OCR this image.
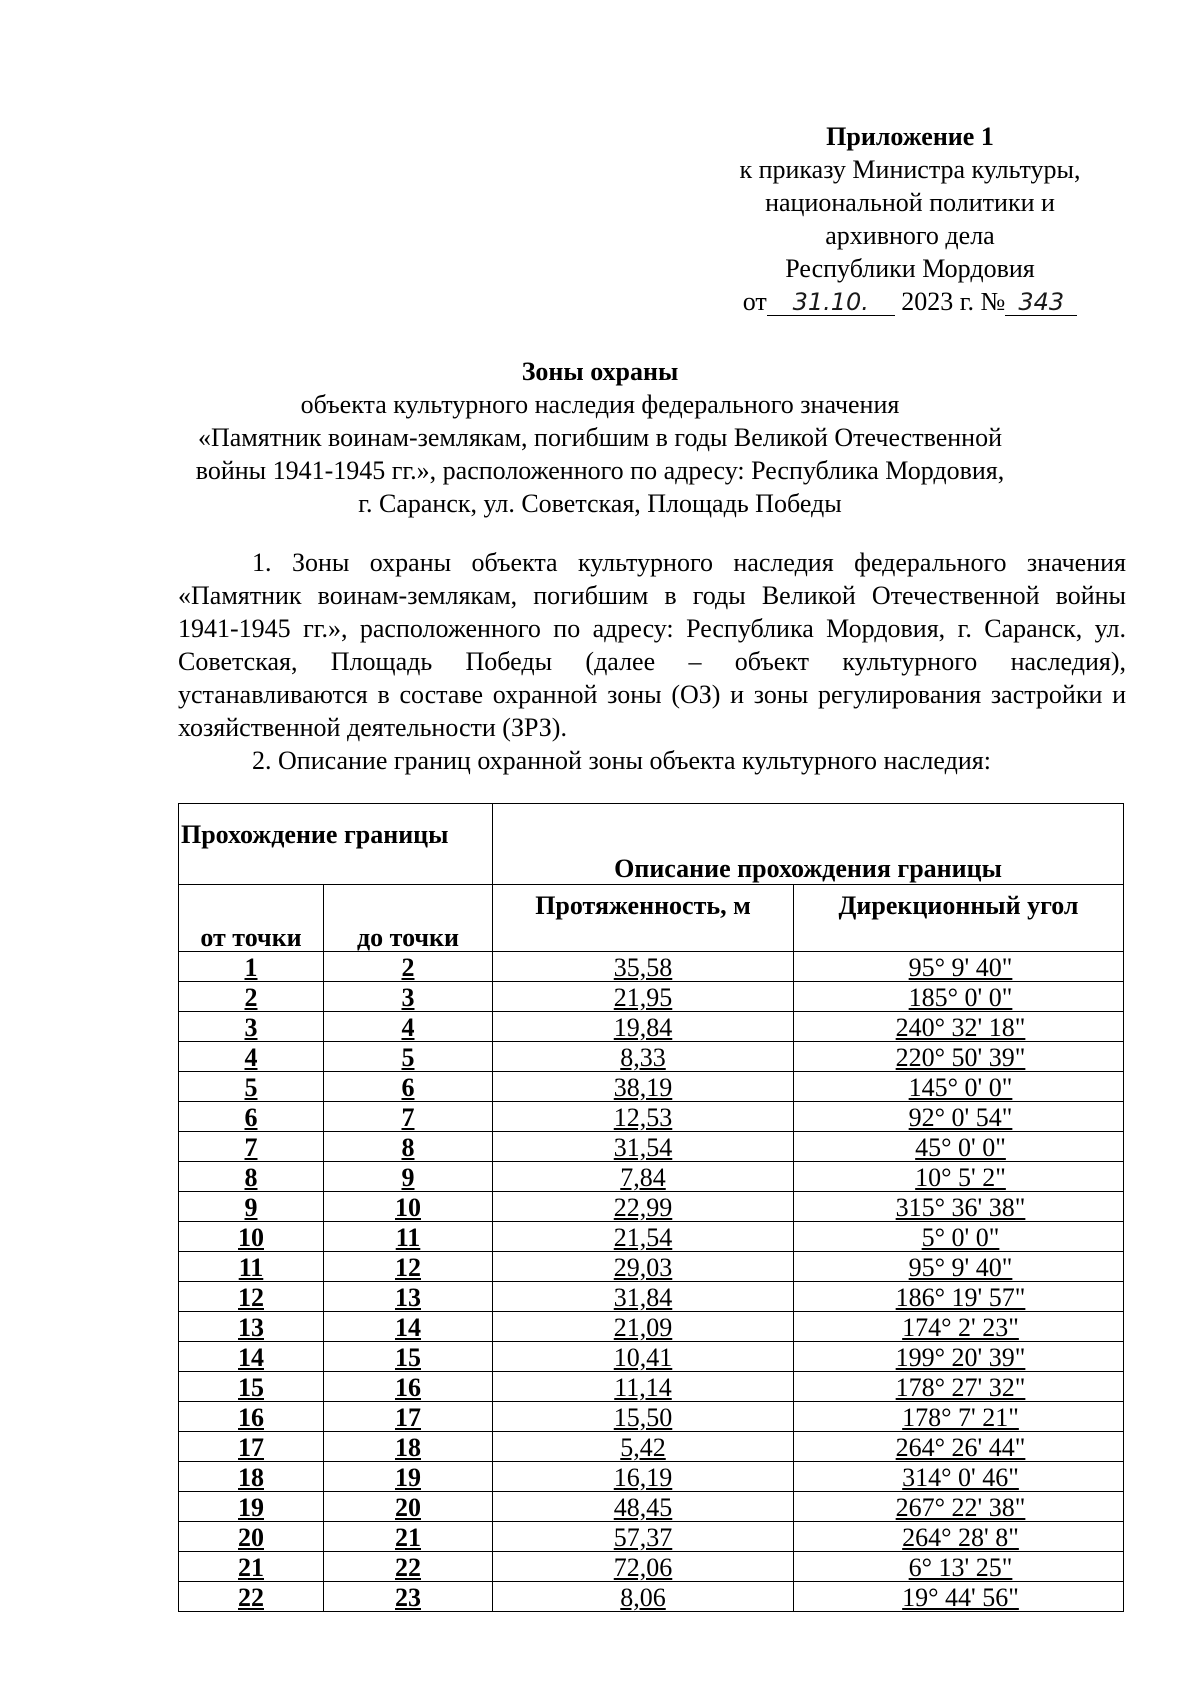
Приложение 1
к приказу Министра культуры,
национальной политики и
архивного дела
Республики Мордовия
от 31.10. 2023 г. № 343
Зоны охраны
объекта культурного наследия федерального значения
«Памятник воинам-землякам, погибшим в годы Великой Отечественной
войны 1941-1945 гг.», расположенного по адресу: Республика Мордовия,
г. Саранск, ул. Советская, Площадь Победы

1. Зоны охраны объекта культурного наследия федерального значения «Памятник воинам-землякам, погибшим в годы Великой Отечественной войны 1941-1945 гг.», расположенного по адресу: Республика Мордовия, г. Саранск, ул. Советская, Площадь Победы (далее – объект культурного наследия), устанавливаются в составе охранной зоны (ОЗ) и зоны регулирования застройки и хозяйственной деятельности (ЗРЗ).

2. Описание границ охранной зоны объекта культурного наследия:

Прохождение границы		Описание прохождения границы	
от точки	до точки	Протяженность, м	Дирекционный угол
1	2	35,58	95° 9' 40"
2	3	21,95	185° 0' 0"
3	4	19,84	240° 32' 18"
4	5	8,33	220° 50' 39"
5	6	38,19	145° 0' 0"
6	7	12,53	92° 0' 54"
7	8	31,54	45° 0' 0"
8	9	7,84	10° 5' 2"
9	10	22,99	315° 36' 38"
10	11	21,54	5° 0' 0"
11	12	29,03	95° 9' 40"
12	13	31,84	186° 19' 57"
13	14	21,09	174° 2' 23"
14	15	10,41	199° 20' 39"
15	16	11,14	178° 27' 32"
16	17	15,50	178° 7' 21"
17	18	5,42	264° 26' 44"
18	19	16,19	314° 0' 46"
19	20	48,45	267° 22' 38"
20	21	57,37	264° 28' 8"
21	22	72,06	6° 13' 25"
22	23	8,06	19° 44' 56"
